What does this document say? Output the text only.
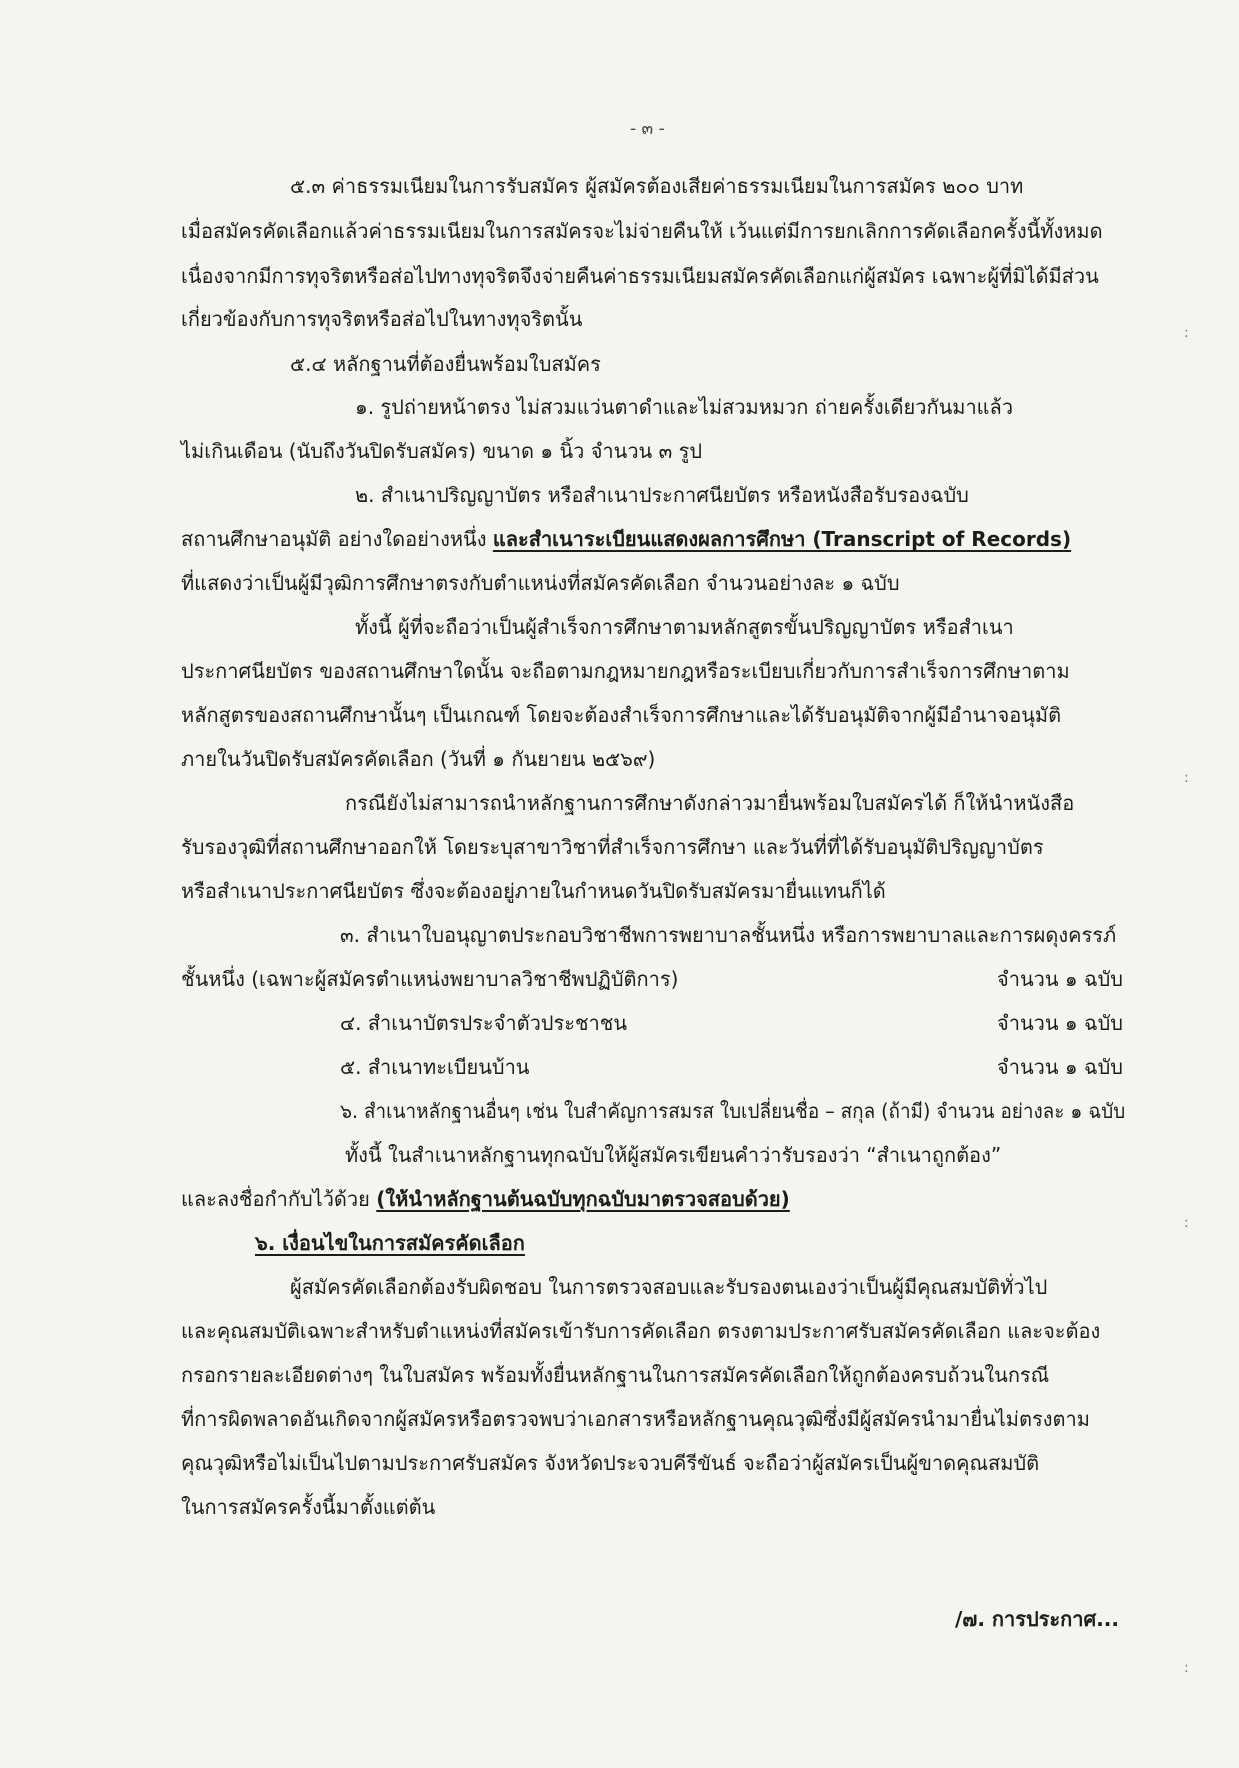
- ๓ -
๕.๓ ค่าธรรมเนียมในการรับสมัคร ผู้สมัครต้องเสียค่าธรรมเนียมในการสมัคร ๒๐๐ บาท
เมื่อสมัครคัดเลือกแล้วค่าธรรมเนียมในการสมัครจะไม่จ่ายคืนให้ เว้นแต่มีการยกเลิกการคัดเลือกครั้งนี้ทั้งหมด
เนื่องจากมีการทุจริตหรือส่อไปทางทุจริตจึงจ่ายคืนค่าธรรมเนียมสมัครคัดเลือกแก่ผู้สมัคร เฉพาะผู้ที่มิได้มีส่วน
เกี่ยวข้องกับการทุจริตหรือส่อไปในทางทุจริตนั้น
๕.๔ หลักฐานที่ต้องยื่นพร้อมใบสมัคร
๑. รูปถ่ายหน้าตรง ไม่สวมแว่นตาดำและไม่สวมหมวก ถ่ายครั้งเดียวกันมาแล้ว
ไม่เกินเดือน (นับถึงวันปิดรับสมัคร) ขนาด ๑ นิ้ว จำนวน ๓ รูป
๒. สำเนาปริญญาบัตร หรือสำเนาประกาศนียบัตร หรือหนังสือรับรองฉบับ
สถานศึกษาอนุมัติ อย่างใดอย่างหนึ่ง และสำเนาระเบียนแสดงผลการศึกษา (Transcript of Records)
ที่แสดงว่าเป็นผู้มีวุฒิการศึกษาตรงกับตำแหน่งที่สมัครคัดเลือก จำนวนอย่างละ ๑ ฉบับ
ทั้งนี้ ผู้ที่จะถือว่าเป็นผู้สำเร็จการศึกษาตามหลักสูตรขั้นปริญญาบัตร หรือสำเนา
ประกาศนียบัตร ของสถานศึกษาใดนั้น จะถือตามกฎหมายกฎหรือระเบียบเกี่ยวกับการสำเร็จการศึกษาตาม
หลักสูตรของสถานศึกษานั้นๆ เป็นเกณฑ์ โดยจะต้องสำเร็จการศึกษาและได้รับอนุมัติจากผู้มีอำนาจอนุมัติ
ภายในวันปิดรับสมัครคัดเลือก (วันที่ ๑ กันยายน ๒๕๖๙)
กรณียังไม่สามารถนำหลักฐานการศึกษาดังกล่าวมายื่นพร้อมใบสมัครได้ ก็ให้นำหนังสือ
รับรองวุฒิที่สถานศึกษาออกให้ โดยระบุสาขาวิชาที่สำเร็จการศึกษา และวันที่ที่ได้รับอนุมัติปริญญาบัตร
หรือสำเนาประกาศนียบัตร ซึ่งจะต้องอยู่ภายในกำหนดวันปิดรับสมัครมายื่นแทนก็ได้
๓. สำเนาใบอนุญาตประกอบวิชาชีพการพยาบาลชั้นหนึ่ง หรือการพยาบาลและการผดุงครรภ์
ชั้นหนึ่ง (เฉพาะผู้สมัครตำแหน่งพยาบาลวิชาชีพปฏิบัติการ)	จำนวน ๑ ฉบับ
๔. สำเนาบัตรประจำตัวประชาชน	จำนวน ๑ ฉบับ
๕. สำเนาทะเบียนบ้าน	จำนวน ๑ ฉบับ
๖. สำเนาหลักฐานอื่นๆ เช่น ใบสำคัญการสมรส ใบเปลี่ยนชื่อ – สกุล (ถ้ามี) จำนวน อย่างละ ๑ ฉบับ
ทั้งนี้ ในสำเนาหลักฐานทุกฉบับให้ผู้สมัครเขียนคำว่ารับรองว่า “สำเนาถูกต้อง”
และลงชื่อกำกับไว้ด้วย (ให้นำหลักฐานต้นฉบับทุกฉบับมาตรวจสอบด้วย)
๖. เงื่อนไขในการสมัครคัดเลือก
ผู้สมัครคัดเลือกต้องรับผิดชอบ ในการตรวจสอบและรับรองตนเองว่าเป็นผู้มีคุณสมบัติทั่วไป
และคุณสมบัติเฉพาะสำหรับตำแหน่งที่สมัครเข้ารับการคัดเลือก ตรงตามประกาศรับสมัครคัดเลือก และจะต้อง
กรอกรายละเอียดต่างๆ ในใบสมัคร พร้อมทั้งยื่นหลักฐานในการสมัครคัดเลือกให้ถูกต้องครบถ้วนในกรณี
ที่การผิดพลาดอันเกิดจากผู้สมัครหรือตรวจพบว่าเอกสารหรือหลักฐานคุณวุฒิซึ่งมีผู้สมัครนำมายื่นไม่ตรงตาม
คุณวุฒิหรือไม่เป็นไปตามประกาศรับสมัคร จังหวัดประจวบคีรีขันธ์ จะถือว่าผู้สมัครเป็นผู้ขาดคุณสมบัติ
ในการสมัครครั้งนี้มาตั้งแต่ต้น
/๗. การประกาศ...
:
:
:
:
